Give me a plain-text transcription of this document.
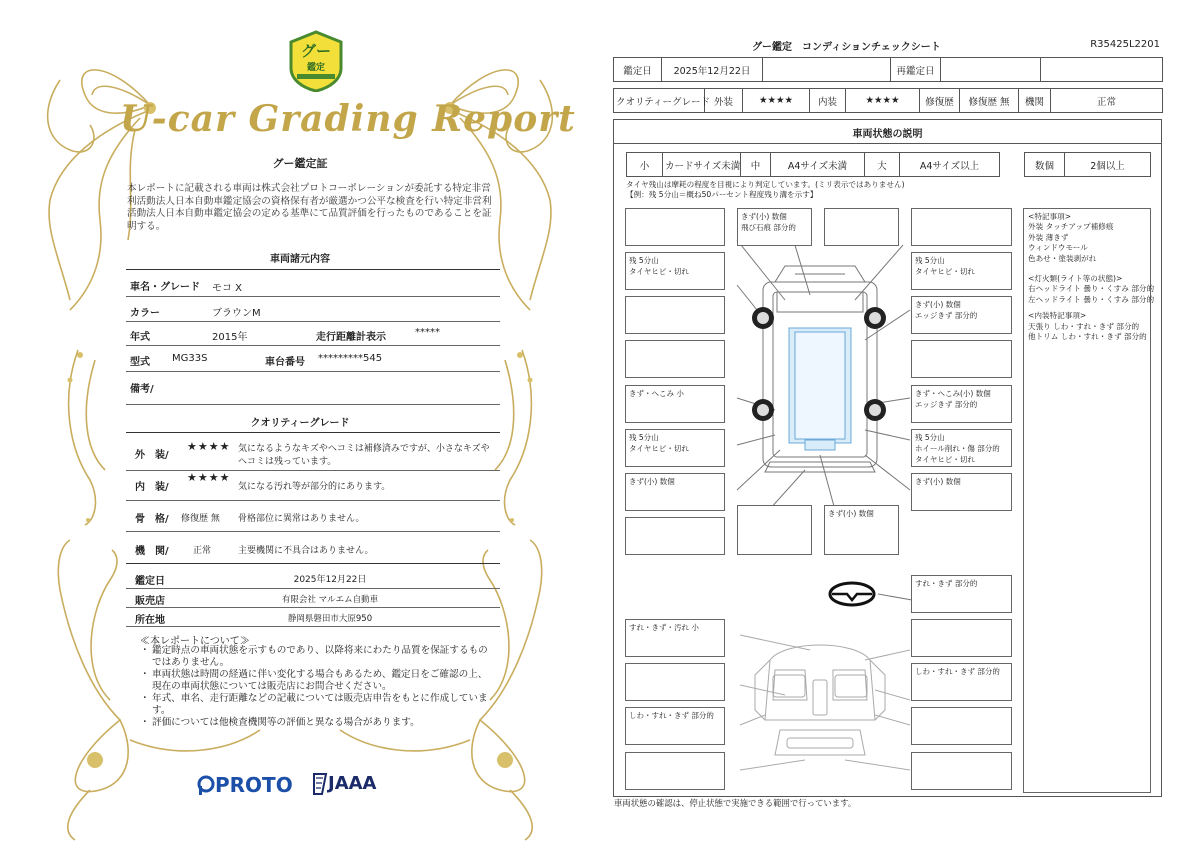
グー
鑑定
U-car Grading Report
グー鑑定証
本レポートに記載される車両は株式会社プロトコーポレーションが委託する特定非営利活動法人日本自動車鑑定協会の資格保有者が厳選かつ公平な検査を行い特定非営利活動法人日本自動車鑑定協会の定める基準にて品質評価を行ったものであることを証明する。
車両諸元内容
車名・グレード モコ X
カラー	ブラウンM
年式	2015年	走行距離計表示	*****
型式 MG33S	車台番号 *********545
備考/
クオリティーグレード
外　装/
★★★★ 気になるようなキズやヘコミは補修済みですが、小さなキズや
ヘコミは残っています。
内　装/
★★★★
気になる汚れ等が部分的にあります。
骨　格/ 修復歴 無 骨格部位に異常はありません。
機　関/	正常	主要機関に不具合はありません。
鑑定日	2025年12月22日
販売店	有限会社 マルエム自動車
所在地	静岡県磐田市大原950
≪本レポートについて≫
・ 鑑定時点の車両状態を示すものであり、以降将来にわたり品質を保証するものではありません。
・ 車両状態は時間の経過に伴い変化する場合もあるため、鑑定日をご確認の上、現在の車両状態については販売店にお問合せください。
・ 年式、車名、走行距離などの記載については販売店申告をもとに作成しています。
・ 評価については他検査機関等の評価と異なる場合があります。
PROTO JAAA
グー鑑定　コンディションチェックシート	R35425L2201
鑑定日	2025年12月22日		再鑑定日		
クオリティーグレード	外装	★★★★	内装	★★★★	修復歴	修復歴 無	機関	正常
車両状態の説明
小	カードサイズ未満	中	A4サイズ未満	大	A4サイズ以上	数個	2個以上
タイヤ残山は摩耗の程度を目視により判定しています。(ミリ表示ではありません)
【例：残 5分山＝概ね50パーセント程度残り溝を示す】
きず(小) 数個
飛び石痕 部分的
残 5分山
タイヤヒビ・切れ
残 5分山
タイヤヒビ・切れ
きず(小) 数個
エッジきず 部分的
きず・へこみ 小	きず・へこみ(小) 数個
エッジきず 部分的
残 5分山
タイヤヒビ・切れ
残 5分山
ホイール削れ・傷 部分的
タイヤヒビ・切れ
きず(小) 数個	きず(小) 数個
きず(小) 数個
すれ・きず 部分的
すれ・きず・汚れ 小
しわ・すれ・きず 部分的
しわ・すれ・きず 部分的

<特記事項>

外装 タッチアップ補修痕

外装 薄きず

ウィンドウモール

色あせ・塗装剥がれ

<灯火類(ライト等の状態)>

右ヘッドライト 曇り・くすみ 部分的

左ヘッドライト 曇り・くすみ 部分的

<内装特記事項>

天張り しわ・すれ・きず 部分的

他トリム しわ・すれ・きず 部分的

車両状態の確認は、停止状態で実施できる範囲で行っています。
